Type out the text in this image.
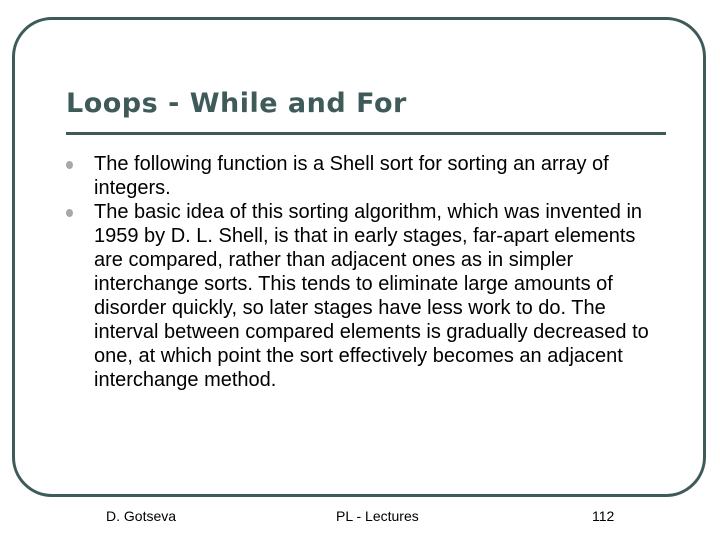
Loops - While and For
The following function is a Shell sort for sorting an array of integers.
The basic idea of this sorting algorithm, which was invented in 1959 by D. L. Shell, is that in early stages, far-apart elements are compared, rather than adjacent ones as in simpler interchange sorts. This tends to eliminate large amounts of disorder quickly, so later stages have less work to do. The interval between compared elements is gradually decreased to one, at which point the sort effectively becomes an adjacent interchange method.
D. Gotseva	PL - Lectures	112
